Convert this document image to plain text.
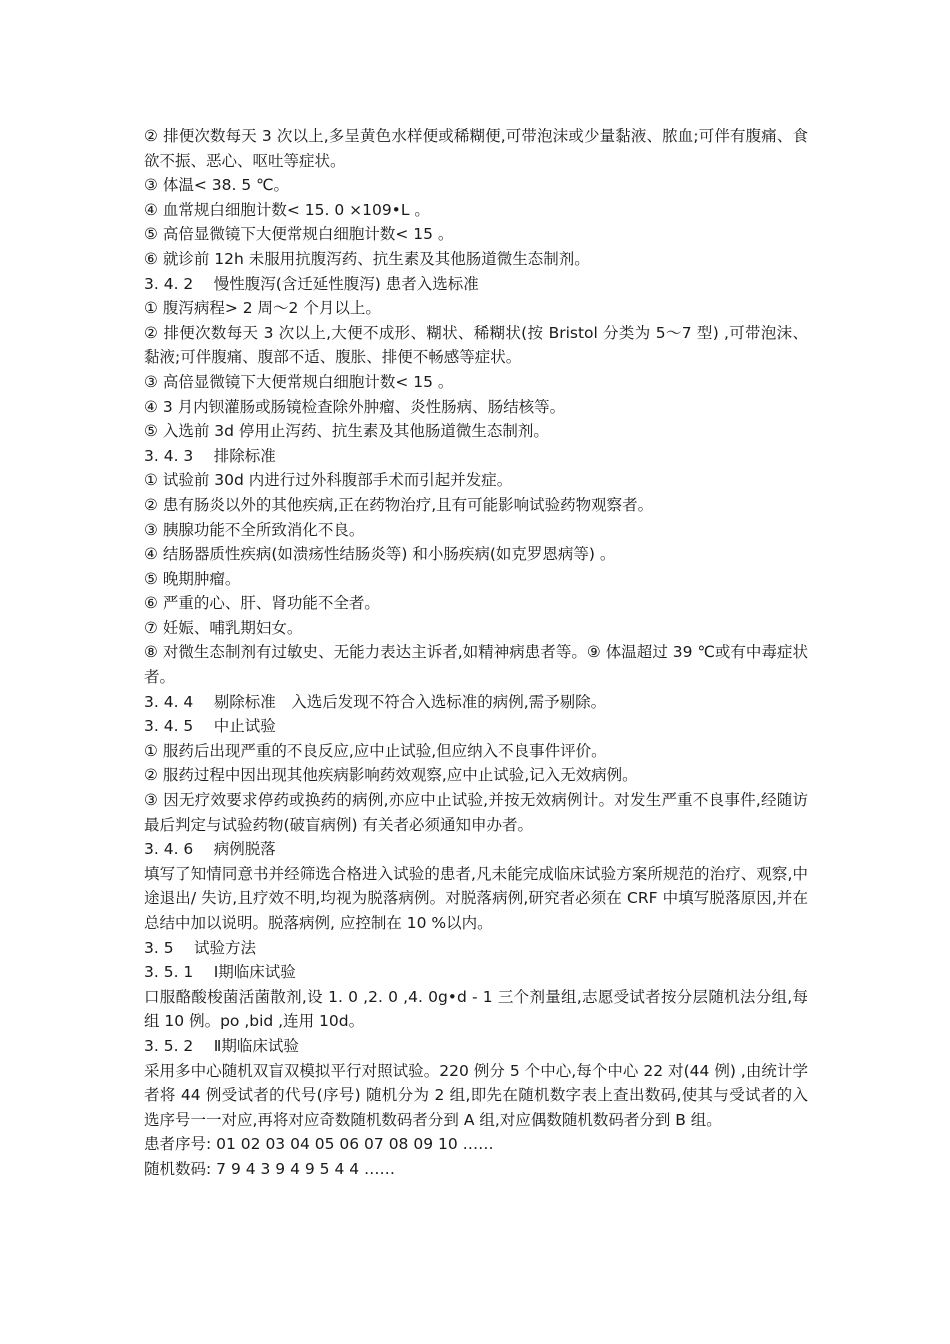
② 排便次数每天 3 次以上,多呈黄色水样便或稀糊便,可带泡沫或少量黏液、脓血;可伴有腹痛、食欲不振、恶心、呕吐等症状。

③ 体温< 38. 5 ℃。

④ 血常规白细胞计数< 15. 0 ×109•L 。

⑤ 高倍显微镜下大便常规白细胞计数< 15 。

⑥ 就诊前 12h 未服用抗腹泻药、抗生素及其他肠道微生态制剂。

3. 4. 2　 慢性腹泻(含迁延性腹泻) 患者入选标准

① 腹泻病程> 2 周～2 个月以上。

② 排便次数每天 3 次以上,大便不成形、糊状、稀糊状(按 Bristol 分类为 5～7 型) ,可带泡沫、黏液;可伴腹痛、腹部不适、腹胀、排便不畅感等症状。

③ 高倍显微镜下大便常规白细胞计数< 15 。

④ 3 月内钡灌肠或肠镜检查除外肿瘤、炎性肠病、肠结核等。

⑤ 入选前 3d 停用止泻药、抗生素及其他肠道微生态制剂。

3. 4. 3　 排除标准

① 试验前 30d 内进行过外科腹部手术而引起并发症。

② 患有肠炎以外的其他疾病,正在药物治疗,且有可能影响试验药物观察者。

③ 胰腺功能不全所致消化不良。

④ 结肠器质性疾病(如溃疡性结肠炎等) 和小肠疾病(如克罗恩病等) 。

⑤ 晚期肿瘤。

⑥ 严重的心、肝、肾功能不全者。

⑦ 妊娠、哺乳期妇女。

⑧ 对微生态制剂有过敏史、无能力表达主诉者,如精神病患者等。⑨ 体温超过 39 ℃或有中毒症状者。

3. 4. 4　 剔除标准　入选后发现不符合入选标准的病例,需予剔除。

3. 4. 5　 中止试验

① 服药后出现严重的不良反应,应中止试验,但应纳入不良事件评价。

② 服药过程中因出现其他疾病影响药效观察,应中止试验,记入无效病例。

③ 因无疗效要求停药或换药的病例,亦应中止试验,并按无效病例计。对发生严重不良事件,经随访最后判定与试验药物(破盲病例) 有关者必须通知申办者。

3. 4. 6　 病例脱落

填写了知情同意书并经筛选合格进入试验的患者,凡未能完成临床试验方案所规范的治疗、观察,中途退出/ 失访,且疗效不明,均视为脱落病例。对脱落病例,研究者必须在 CRF 中填写脱落原因,并在总结中加以说明。脱落病例, 应控制在 10 %以内。

3. 5　 试验方法

3. 5. 1　 Ⅰ期临床试验

口服酪酸梭菌活菌散剂,设 1. 0 ,2. 0 ,4. 0g•d - 1 三个剂量组,志愿受试者按分层随机法分组,每组 10 例。po ,bid ,连用 10d。

3. 5. 2　 Ⅱ期临床试验

采用多中心随机双盲双模拟平行对照试验。220 例分 5 个中心,每个中心 22 对(44 例) ,由统计学者将 44 例受试者的代号(序号) 随机分为 2 组,即先在随机数字表上查出数码,使其与受试者的入选序号一一对应,再将对应奇数随机数码者分到 A 组,对应偶数随机数码者分到 B 组。

患者序号: 01 02 03 04 05 06 07 08 09 10 ……

随机数码: 7 9 4 3 9 4 9 5 4 4 ……
